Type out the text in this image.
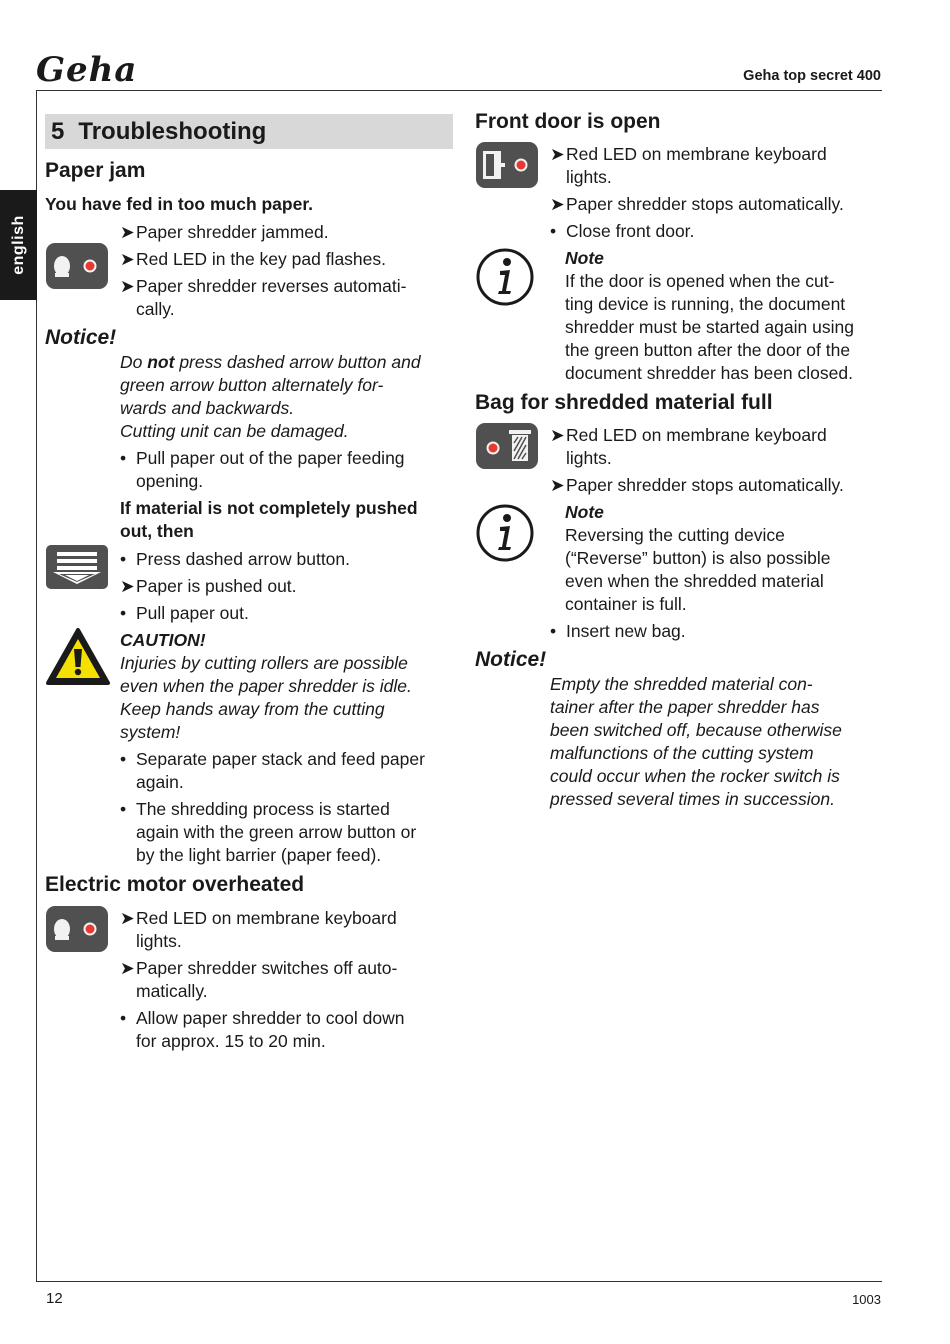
Geha	Geha top secret 400
english
12	1003
5 Troubleshooting
Paper jam
You have fed in too much paper.
➤ Paper shredder jammed.
➤ Red LED in the key pad flashes.
➤ Paper shredder reverses automati-
cally.
Notice!
Do not press dashed arrow button and
green arrow button alternately for-
wards and backwards.
Cutting unit can be damaged.
• Pull paper out of the paper feeding
opening.
If material is not completely pushed
out, then
• Press dashed arrow button.
➤ Paper is pushed out.
• Pull paper out.
CAUTION!
Injuries by cutting rollers are possible
even when the paper shredder is idle.
Keep hands away from the cutting
system!
• Separate paper stack and feed paper
again.
• The shredding process is started
again with the green arrow button or
by the light barrier (paper feed).
Electric motor overheated
➤ Red LED on membrane keyboard
lights.
➤ Paper shredder switches off auto-
matically.
• Allow paper shredder to cool down
for approx. 15 to 20 min.
Front door is open
➤ Red LED on membrane keyboard
lights.
➤ Paper shredder stops automatically.
• Close front door.
Note
If the door is opened when the cut-
ting device is running, the document
shredder must be started again using
the green button after the door of the
document shredder has been closed.
Bag for shredded material full
➤ Red LED on membrane keyboard
lights.
➤ Paper shredder stops automatically.
Note
Reversing the cutting device
(“Reverse” button) is also possible
even when the shredded material
container is full.
• Insert new bag.
Notice!
Empty the shredded material con-
tainer after the paper shredder has
been switched off, because otherwise
malfunctions of the cutting system
could occur when the rocker switch is
pressed several times in succession.
